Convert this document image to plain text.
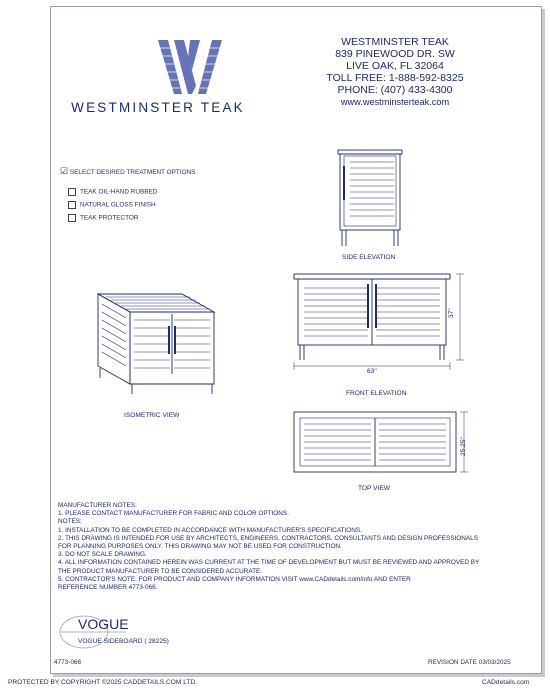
WESTMINSTER TEAK
WESTMINSTER TEAK
839 PINEWOOD DR. SW
LIVE OAK, FL 32064
TOLL FREE: 1-888-592-8325
PHONE: (407) 433-4300
www.westminsterteak.com
☑ SELECT DESIRED TREATMENT OPTIONS
TEAK OIL-HAND RUBBED
NATURAL GLOSS FINISH
TEAK PROTECTOR
SIDE ELEVATION
ISOMETRIC VIEW
63"
37"
FRONT ELEVATION
25.25"
TOP VIEW
MANUFACTURER NOTES:
1. PLEASE CONTACT MANUFACTURER FOR FABRIC AND COLOR OPTIONS.
NOTES:
1. INSTALLATION TO BE COMPLETED IN ACCORDANCE WITH MANUFACTURER'S SPECIFICATIONS.
2. THIS DRAWING IS INTENDED FOR USE BY ARCHITECTS, ENGINEERS, CONTRACTORS, CONSULTANTS AND DESIGN PROFESSIONALS
FOR PLANNING PURPOSES ONLY. THIS DRAWING MAY NOT BE USED FOR CONSTRUCTION.
3. DO NOT SCALE DRAWING.
4. ALL INFORMATION CONTAINED HEREIN WAS CURRENT AT THE TIME OF DEVELOPMENT BUT MUST BE REVIEWED AND APPROVED BY
THE PRODUCT MANUFACTURER TO BE CONSIDERED ACCURATE.
5. CONTRACTOR'S NOTE: FOR PRODUCT AND COMPANY INFORMATION VISIT www.CADdetails.com/info AND ENTER
REFERENCE NUMBER 4773-066.
VOGUE
VOGUE SIDEBOARD ( 28225)
4773-066	REVISION DATE 03/03/2025
PROTECTED BY COPYRIGHT ©2025 CADDETAILS.COM LTD.	CADdetails.com
